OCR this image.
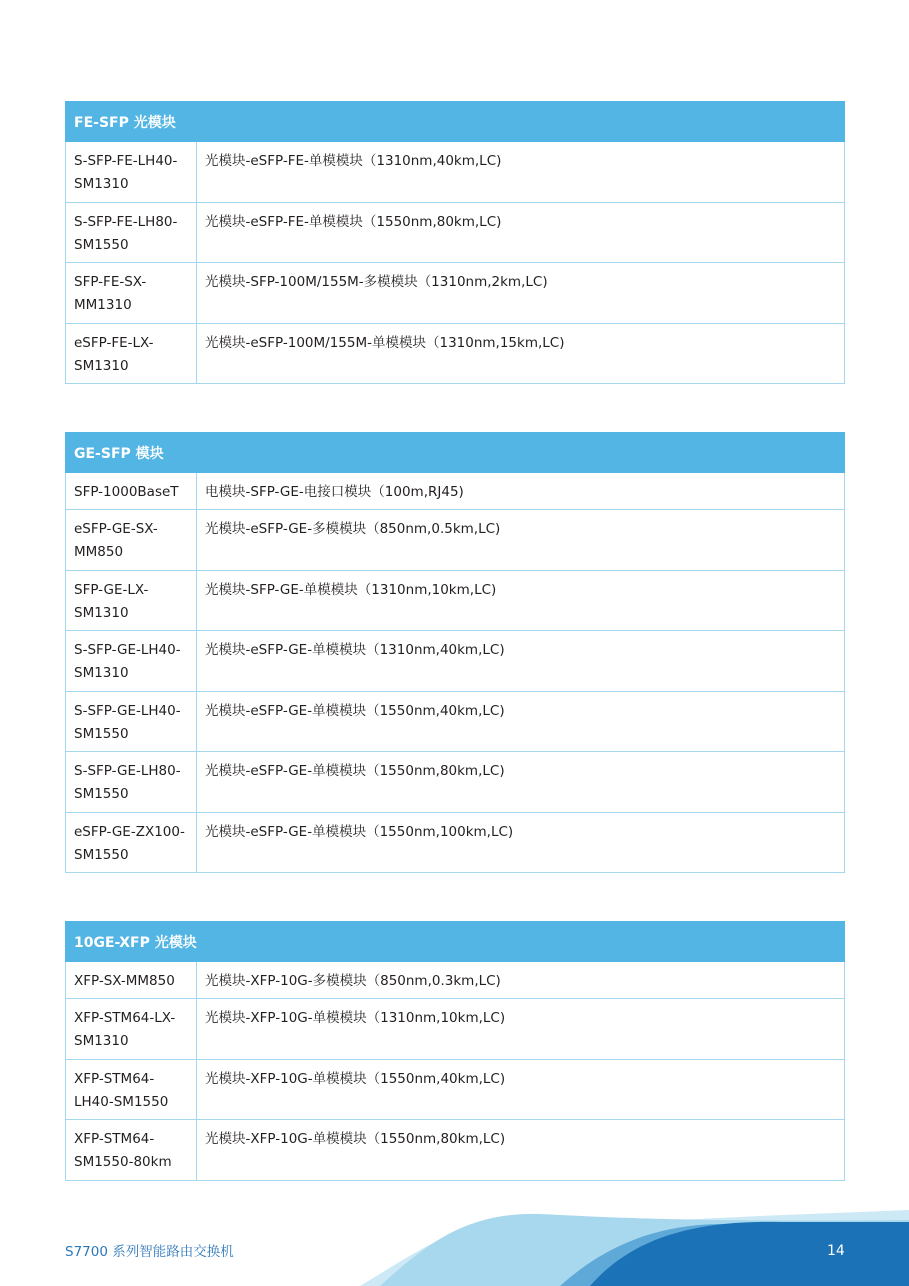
FE-SFP 光模块	
S-SFP-FE-LH40-SM1310	光模块-eSFP-FE-单模模块（1310nm,40km,LC)
S-SFP-FE-LH80-SM1550	光模块-eSFP-FE-单模模块（1550nm,80km,LC)
SFP-FE-SX-MM1310	光模块-SFP-100M/155M-多模模块（1310nm,2km,LC)
eSFP-FE-LX-SM1310	光模块-eSFP-100M/155M-单模模块（1310nm,15km,LC)
GE-SFP 模块	
SFP-1000BaseT	电模块-SFP-GE-电接口模块（100m,RJ45)
eSFP-GE-SX-MM850	光模块-eSFP-GE-多模模块（850nm,0.5km,LC)
SFP-GE-LX-SM1310	光模块-SFP-GE-单模模块（1310nm,10km,LC)
S-SFP-GE-LH40-SM1310	光模块-eSFP-GE-单模模块（1310nm,40km,LC)
S-SFP-GE-LH40-SM1550	光模块-eSFP-GE-单模模块（1550nm,40km,LC)
S-SFP-GE-LH80-SM1550	光模块-eSFP-GE-单模模块（1550nm,80km,LC)
eSFP-GE-ZX100-SM1550	光模块-eSFP-GE-单模模块（1550nm,100km,LC)
10GE-XFP 光模块	
XFP-SX-MM850	光模块-XFP-10G-多模模块（850nm,0.3km,LC)
XFP-STM64-LX-SM1310	光模块-XFP-10G-单模模块（1310nm,10km,LC)
XFP-STM64-LH40-SM1550	光模块-XFP-10G-单模模块（1550nm,40km,LC)
XFP-STM64-SM1550-80km	光模块-XFP-10G-单模模块（1550nm,80km,LC)
S7700 系列智能路由交换机	14
